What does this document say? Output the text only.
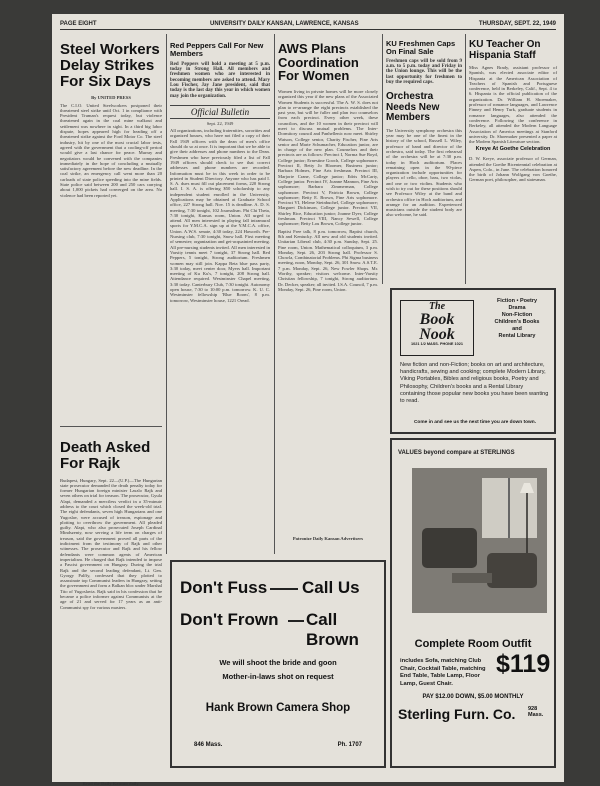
PAGE EIGHT	UNIVERSITY DAILY KANSAN, LAWRENCE, KANSAS	THURSDAY, SEPT. 22, 1949
Steel Workers Delay Strikes For Six Days
By UNITED PRESS
The C.I.O. United Steelworkers postponed their threatened steel strike until Oct. 1 in compliance with President Truman's request today, but violence threatened again in the coal mine walkout and settlement was nowhere in sight. In a third big labor dispute, hopes appeared high for heading off a threatened strike against the Ford Motor Co. The steel industry, hit by one of the most crucial labor tests, agreed with the government that a cooling-off period would give a last chance for peace. Murray and negotiators would be convened with the companies immediately in the hope of concluding a mutually satisfactory agreement before the new deadline. In the coal strike, an emergency call went more than 20 carloads of state police speeding into the mine fields. State police said between 200 and 250 cars carrying about 1,000 pickets had converged on the area. No violence had been reported yet.
Death Asked For Rajk
Budapest, Hungary, Sept. 22—(U.P.)—The Hungarian state prosecutor demanded the death penalty today for former Hungarian foreign minister Laszlo Rajk and seven others on trial for treason. The prosecutor, Gyula Alapi, demanded a merciless verdict in a 35-minute address to the court which closed the week-old trial. The eight defendants, seven high Hungarians and one Yugoslav, were accused of treason, espionage and plotting to overthrow the government. All pleaded guilty. Alapi, who also prosecuted Joseph Cardinal Mindszenty, now serving a life term on charges of treason, said the government proved all parts of the indictment from the testimony of Rajk and other witnesses. The prosecutor and Rajk and his fellow defendants were common agents of American imperialism. He charged that Rajk intended to impose a Fascist government on Hungary. During the trial Rajk and the second leading defendant, Lt. Gen. Gyorgy Palffy, confessed that they plotted to assassinate top Communist leaders in Hungary, setting the government and form a Balkan bloc under Marshal Tito of Yugoslavia. Rajk said in his confession that he became a police informer against Communists at the age of 21 and served for 17 years as an anti-Communist spy for various masters.
Read the Daily Kansan daily.
Red Peppers Call For New Members
Red Peppers will hold a meeting at 5 p.m. today in Strong Hall. All members and freshmen women who are interested in becoming members are asked to attend. Mary Lou Fischer, Jay Jane president, said that today is the last day this year in which women may join the organization.
Official Bulletin
Sept. 22, 1949
All organizations, including fraternities, sororities and organized houses, who have not filed a copy of their Fall 1949 officers with the dean of men's office should do so at once. It is important that we be able to give their addresses and phone numbers to the Dean. Freshmen who have previously filed a list of Fall 1949 officers should check to see that correct addresses and phone numbers are recorded. Information must be in this week in order to be printed in Student Directory. Anyone who has paid I. S. A. dues must fill out placement forms, 220 Strong hall. I. S. A. is offering $50 scholarship to any independent student enrolled in the University. Applications may be obtained at Graduate School office, 227 Strong hall. Nov. 15 is deadline. A. D. S. meeting, 7:30 tonight, 102 Journalism. Phi Chi Theta, 7:30 tonight, Kansas room, Union. All urged to attend. All men interested in playing fall intramural sports for Y.M.C.A. sign up at the Y.M.C.A. office, Union. A.W.S. senate, 4:30 today, 224 Haworth. Pre-Nursing club, 7:30 tonight, Snow hall. First meeting of semester; organization and get-acquainted meeting. All pre-nursing students invited. All men interested in Varsity tennis meet 7 tonight, 37 Strong hall. Red Peppers, 5 tonight, Strong auditorium. Freshmen women may still join. Kappa Beta blue pass party, 3:30 today, meet center door, Myers hall. Important meeting of Ku Ku's, 7 tonight, 208 Strong hall. Attendance required. Westminster Chapel meeting, 3:30 today. Canterbury Club, 7:30 tonight. Autonomy open house, 7:30 to 10:00 p.m. tomorrow. K. U. C. Westminster fellowship 'Blue Room', 8 p.m. tomorrow, Westminster house, 1221 Oread.
AWS Plans Coordination For Women
Women living in private homes will be more closely organized this year if the new plans of the Associated Women Students is successful. The A. W. S. does not plan to re-arrange the eight precincts established the past year, but will be fuller and plan two counselors from each precinct. Every other week, these councilors, and the 10 women in their precinct will meet to discuss mutual problems. The Inter-Dormitory council and Panhellenic now meet. Shirley Watson, College senior, Charity Fischer, Fine Arts senior and Marie Schumacher, Education junior, are in charge of the new plan. Counselors and their precincts are as follows: Precinct I, Norma Sue Boyd, College junior; Ernestine Gooch, College sophomore. Precinct II, Betty Jo Bloomer, Business junior; Barbara Holmes, Fine Arts freshman. Precinct III, Marjorie Crane, College junior; Edris McCarty, College junior. Precinct IV, Joanne Mannon, Fine Arts sophomore; Barbara Zimmerman, College sophomore. Precinct V, Patricia Brown, College sophomore; Betty E. Brown, Fine Arts sophomore. Precinct VI, Helene Steinbuchel, College sophomore; Margaret Dickinson, College junior. Precinct VII, Shirley Rice, Education junior; Joanne Dyer, College freshman. Precinct VIII, Nancy Sewell, College sophomore; Betty Lou Brown, College junior.
Baptist Free talk, 8 p.m. tomorrow, Baptist church, 8th and Kentucky. All new and old students invited. Unitarian Liberal club, 4:30 p.m. Sunday, Sept. 25. Pine room, Union. Mathematical colloquium, 3 p.m. Monday, Sept. 26, 203 Strong hall. Professor S. Chowla, Combinatorial Problems. Phi Sigma business meeting, noon, Monday, Sept. 26, 301 Snow. A.S.T.E. 7 p.m. Monday, Sept. 26, New Fowler Shops. Mr. Worthy, speaker; visitors welcome. Inter-Varsity Christian fellowship, 7 tonight, Strong auditorium. Dr. Decker, speaker; all invited. I.S.A. Council, 7 p.m. Monday, Sept. 26, Pine room, Union.
Patronize Daily Kansan Advertisers
KU Freshmen Caps On Final Sale
Freshmen caps will be sold from 9 a.m. to 5 p.m. today and Friday in the Union lounge. This will be the last opportunity for freshmen to buy the required caps.
Orchestra Needs New Members
The University symphony orchestra this year may be one of the finest in the history of the school, Russell L. Wiley, professor of band and director of the orchestra, said today. The first rehearsal of the orchestra will be at 7:30 p.m. today in Hoch auditorium. Places remaining open in the 90-piece organization include opportunities for players of cello, oboe, bass, two violas, and one or two violins. Students who wish to try out for these positions should see Professor Wiley at the band and orchestra office in Hoch auditorium, and arrange for an audition. Experienced musicians outside the student body are also welcome, he said.
KU Teacher On Hispania Staff
Miss Agnes Brady, assistant professor of Spanish, was elected associate editor of Hispania at the American Association of Teachers of Spanish and Portuguese conference, held in Berkeley, Calif., Sept. 4 to 6. Hispania is the official publication of the organization. Dr. William H. Shoemaker, professor of romance languages, and Lawrence Finney and Henry Turk, graduate students in romance languages, also attended the conference. Following the conference in Berkeley, all attended the Modern Language Association of America meetings at Stanford university. Dr. Shoemaker presented a paper at the Modern Spanish Literature section.
Kreye At Goethe Celebration
D. W. Kreye, associate professor of German, attended the Goethe Bicentennial celebration at Aspen, Colo., in June. The celebration honored the birth of Johann Wolfgang von Goethe, German poet, philosopher, and statesman.
The
Book
Nook
1021 1/2 MASS. PHONE 1021
Fiction • Poetry
Drama
Non-Fiction
Children's Books
and
Rental Library
New fiction and non-Fiction; books on art and architecture, handicrafts, sewing and cooking; complete Modern Library, Viking Portables, Bibles and religious books, Poetry and Philosophy, Children's books and a Rental Library containing those popular new books you have been wanting to read.
Come in and see us the next time you are down town.
VALUES beyond compare at STERLINGS
Complete Room Outfit
includes Sofa, matching Club Chair, Cocktail Table, matching End Table, Table Lamp, Floor Lamp, Guest Chair.
$119
PAY $12.00 DOWN, $5.00 MONTHLY
Sterling Furn. Co. 928 Mass.
Don't Fuss Call Us
Don't Frown Call Brown
We will shoot the bride and goon
Mother-in-laws shot on request
Hank Brown Camera Shop
846 Mass.	Ph. 1707
